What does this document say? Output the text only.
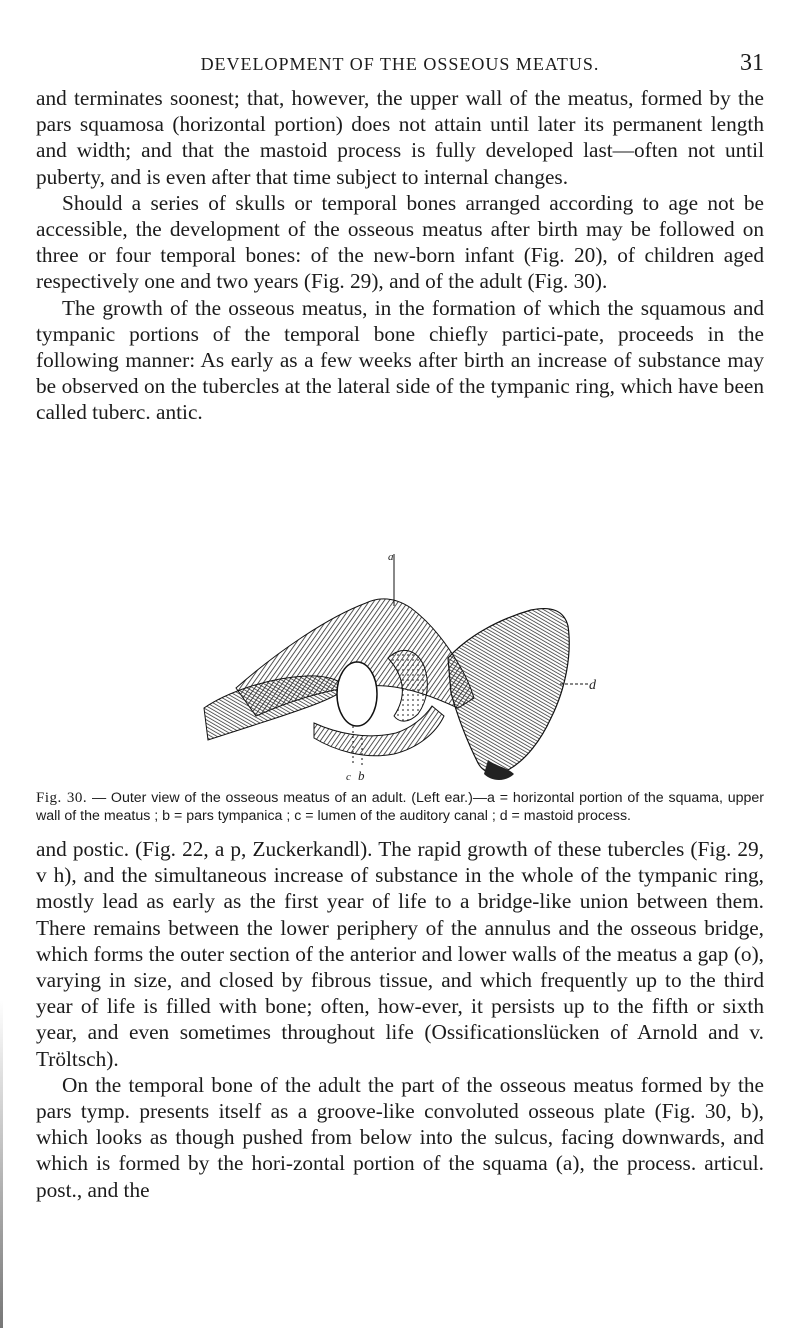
DEVELOPMENT OF THE OSSEOUS MEATUS.	31

and terminates soonest; that, however, the upper wall of the meatus, formed by the pars squamosa (horizontal portion) does not attain until later its permanent length and width; and that the mastoid process is fully developed last—often not until puberty, and is even after that time subject to internal changes.

Should a series of skulls or temporal bones arranged according to age not be accessible, the development of the osseous meatus after birth may be followed on three or four temporal bones: of the new-born infant (Fig. 20), of children aged respectively one and two years (Fig. 29), and of the adult (Fig. 30).

The growth of the osseous meatus, in the formation of which the squamous and tympanic portions of the temporal bone chiefly partici-pate, proceeds in the following manner: As early as a few weeks after birth an increase of substance may be observed on the tubercles at the lateral side of the tympanic ring, which have been called tuberc. antic.

a
c b
d
Fig. 30. — Outer view of the osseous meatus of an adult. (Left ear.)—a = horizontal portion of the squama, upper wall of the meatus ; b = pars tympanica ; c = lumen of the auditory canal ; d = mastoid process.

and postic. (Fig. 22, a p, Zuckerkandl). The rapid growth of these tubercles (Fig. 29, v h), and the simultaneous increase of substance in the whole of the tympanic ring, mostly lead as early as the first year of life to a bridge-like union between them. There remains between the lower periphery of the annulus and the osseous bridge, which forms the outer section of the anterior and lower walls of the meatus a gap (o), varying in size, and closed by fibrous tissue, and which frequently up to the third year of life is filled with bone; often, how-ever, it persists up to the fifth or sixth year, and even sometimes throughout life (Ossificationslücken of Arnold and v. Tröltsch).

On the temporal bone of the adult the part of the osseous meatus formed by the pars tymp. presents itself as a groove-like convoluted osseous plate (Fig. 30, b), which looks as though pushed from below into the sulcus, facing downwards, and which is formed by the hori-zontal portion of the squama (a), the process. articul. post., and the
